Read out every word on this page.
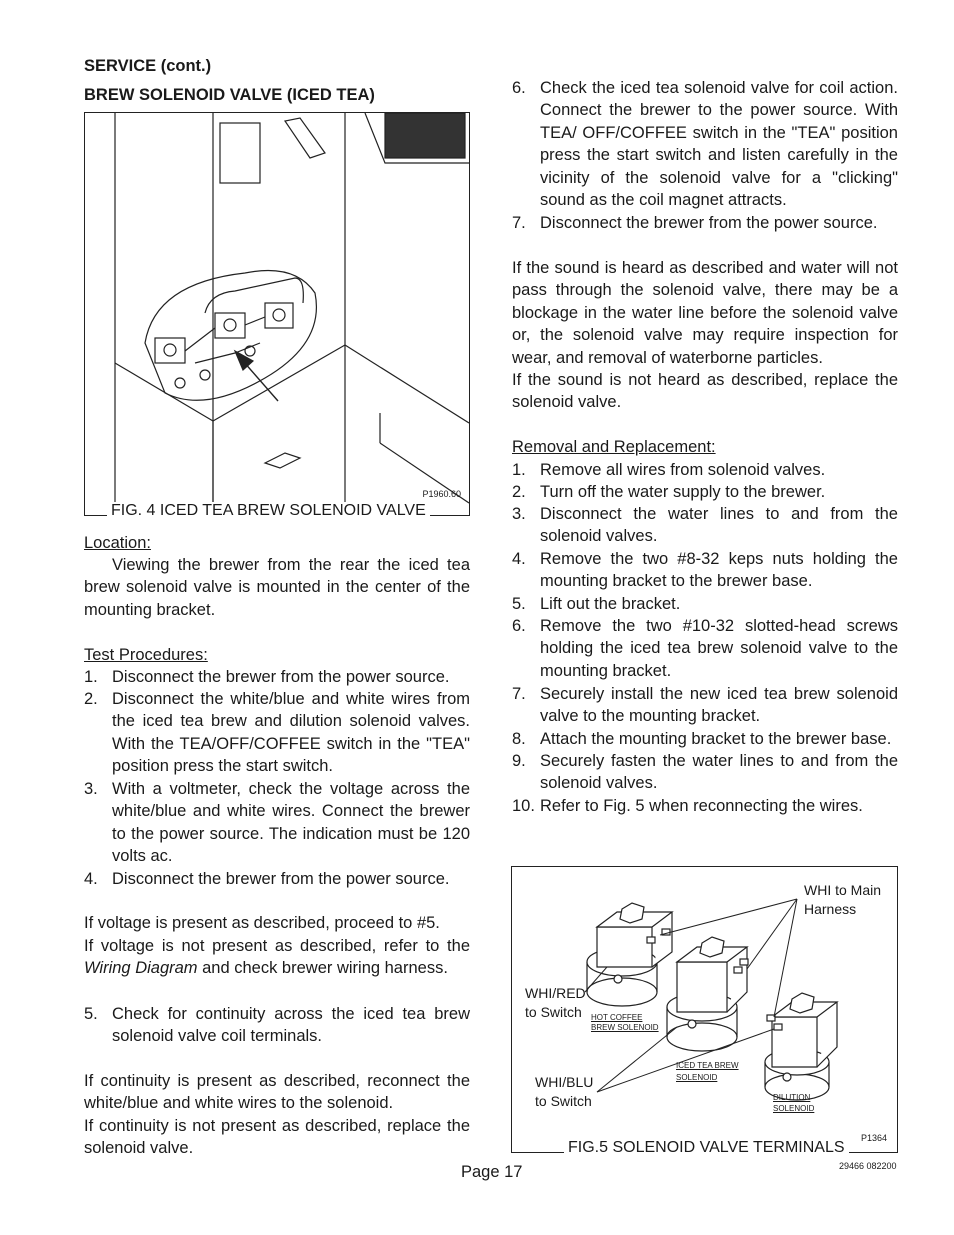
SERVICE (cont.)
BREW SOLENOID VALVE (ICED TEA)
P1960.60
FIG. 4 ICED TEA BREW SOLENOID VALVE
Location:
Viewing the brewer from the rear the iced tea brew solenoid valve is mounted in the center of the mounting bracket.
Test Procedures:
1. Disconnect the brewer from the power source.
2. Disconnect the white/blue and white wires from the iced tea brew and dilution solenoid valves. With the TEA/OFF/COFFEE switch in the "TEA" position press the start switch.
3. With a voltmeter, check the voltage across the white/blue and white wires. Connect the brewer to the power source. The indication must be 120 volts ac.
4. Disconnect the brewer from the power source.
If voltage is present as described, proceed to #5.
If voltage is not present as described, refer to the Wiring Diagram and check brewer wiring harness.
5. Check for continuity across the iced tea brew solenoid valve coil terminals.
If continuity is present as described, reconnect the white/blue and white wires to the solenoid.
If continuity is not present as described, replace the solenoid valve.
6. Check the iced tea solenoid valve for coil action. Connect the brewer to the power source. With TEA/ OFF/COFFEE switch in the "TEA" position press the start switch and listen carefully in the vicinity of the solenoid valve for a "clicking" sound as the coil magnet attracts.
7. Disconnect the brewer from the power source.
If the sound is heard as described and water will not pass through the solenoid valve, there may be a blockage in the water line before the solenoid valve or, the solenoid valve may require inspection for wear, and removal of waterborne particles.
If the sound is not heard as described, replace the solenoid valve.
Removal and Replacement:
1. Remove all wires from solenoid valves.
2. Turn off the water supply to the brewer.
3. Disconnect the water lines to and from the solenoid valves.
4. Remove the two #8-32 keps nuts holding the mounting bracket to the brewer base.
5. Lift out the bracket.
6. Remove the two #10-32 slotted-head screws holding the iced tea brew solenoid valve to the mounting bracket.
7. Securely install the new iced tea brew solenoid valve to the mounting bracket.
8. Attach the mounting bracket to the brewer base.
9. Securely fasten the water lines to and from the solenoid valves.
10. Refer to Fig. 5 when reconnecting the wires.
WHI to Main
Harness
WHI/RED
to Switch
WHI/BLU
to Switch
HOT COFFEE
BREW SOLENOID
ICED TEA BREW
SOLENOID
DILUTION
SOLENOID
P1364
FIG.5 SOLENOID VALVE TERMINALS
Page 17	29466 082200
